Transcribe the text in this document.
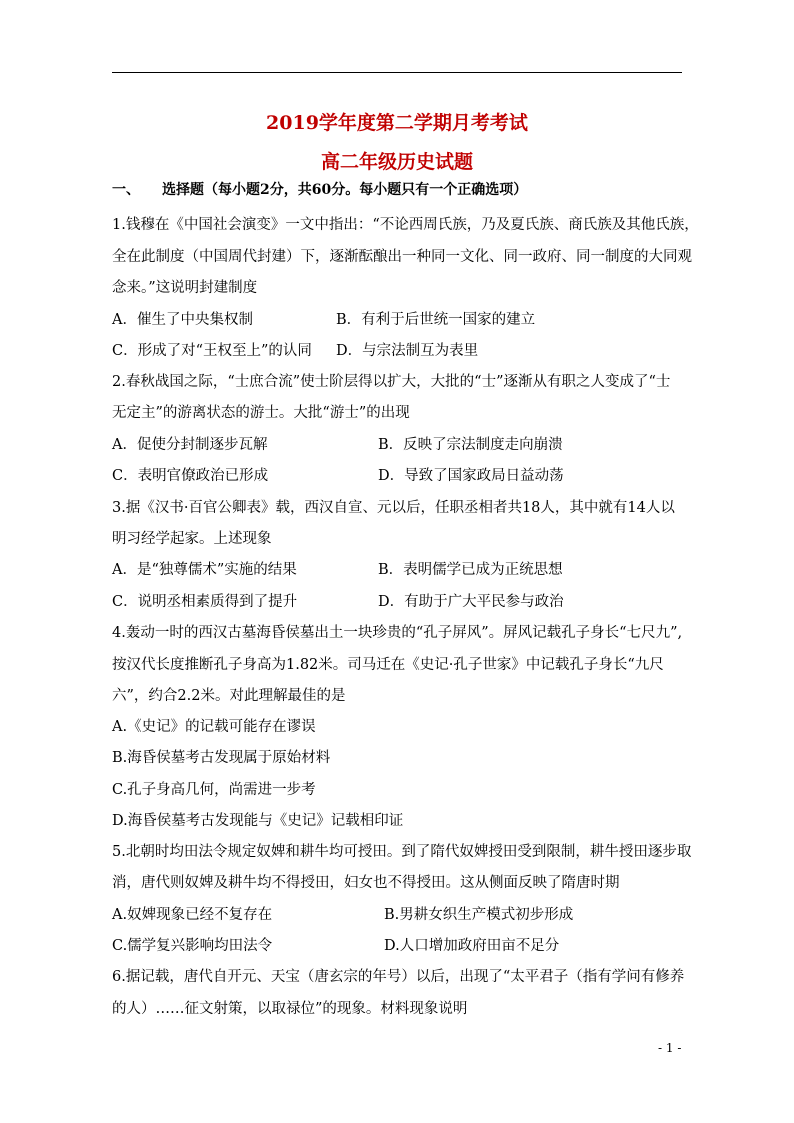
2019学年度第二学期月考考试
高二年级历史试题
一、 选择题（每小题2分，共60分。每小题只有一个正确选项）
1.钱穆在《中国社会演变》一文中指出：“不论西周氏族，乃及夏氏族、商氏族及其他氏族，
全在此制度（中国周代封建）下，逐渐酝酿出一种同一文化、同一政府、同一制度的大同观
念来。”这说明封建制度
A．催生了中央集权制	B．有利于后世统一国家的建立
C．形成了对“王权至上”的认同 D．与宗法制互为表里
2.春秋战国之际，“士庶合流”使士阶层得以扩大，大批的“士”逐渐从有职之人变成了“士
无定主”的游离状态的游士。大批“游士”的出现
A．促使分封制逐步瓦解	B．反映了宗法制度走向崩溃
C．表明官僚政治已形成	D．导致了国家政局日益动荡
3.据《汉书·百官公卿表》载，西汉自宣、元以后，任职丞相者共18人，其中就有14人以
明习经学起家。上述现象
A．是“独尊儒术”实施的结果	B．表明儒学已成为正统思想
C．说明丞相素质得到了提升	D．有助于广大平民参与政治
4.轰动一时的西汉古墓海昏侯墓出土一块珍贵的“孔子屏风”。屏风记载孔子身长“七尺九”,
按汉代长度推断孔子身高为1.82米。司马迁在《史记·孔子世家》中记载孔子身长“九尺
六”，约合2.2米。对此理解最佳的是
A.《史记》的记载可能存在谬误
B.海昏侯墓考古发现属于原始材料
C.孔子身高几何，尚需进一步考
D.海昏侯墓考古发现能与《史记》记载相印证
5.北朝时均田法令规定奴婢和耕牛均可授田。到了隋代奴婢授田受到限制，耕牛授田逐步取
消，唐代则奴婢及耕牛均不得授田，妇女也不得授田。这从侧面反映了隋唐时期
A.奴婢现象已经不复存在	B.男耕女织生产模式初步形成
C.儒学复兴影响均田法令	D.人口增加政府田亩不足分
6.据记载，唐代自开元、天宝（唐玄宗的年号）以后，出现了“太平君子（指有学问有修养
的人）……征文射策，以取禄位”的现象。材料现象说明
- 1 -
